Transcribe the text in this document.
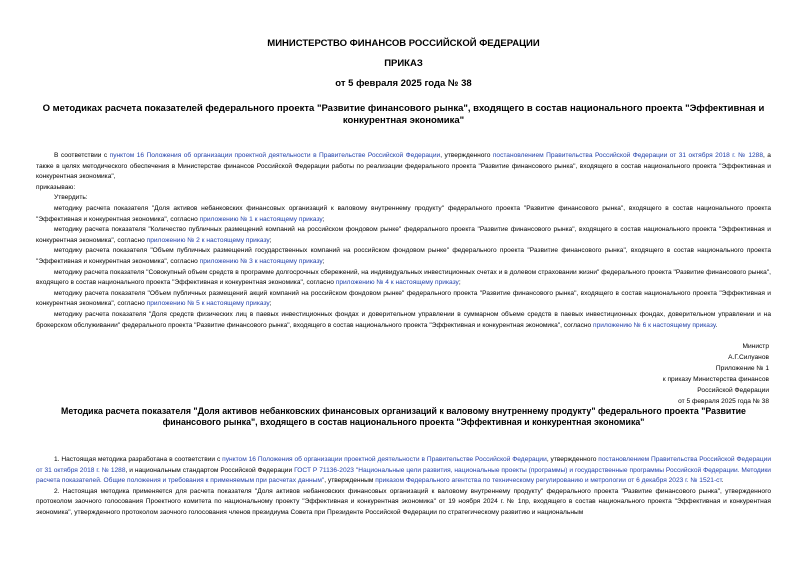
МИНИСТЕРСТВО ФИНАНСОВ РОССИЙСКОЙ ФЕДЕРАЦИИ
ПРИКАЗ
от 5 февраля 2025 года № 38
О методиках расчета показателей федерального проекта "Развитие финансового рынка", входящего в состав национального проекта "Эффективная и конкурентная экономика"

В соответствии с пунктом 16 Положения об организации проектной деятельности в Правительстве Российской Федерации, утвержденного постановлением Правительства Российской Федерации от 31 октября 2018 г. № 1288, а также в целях методического обеспечения в Министерстве финансов Российской Федерации работы по реализации федерального проекта "Развитие финансового рынка", входящего в состав национального проекта "Эффективная и конкурентная экономика",

приказываю:

Утвердить:

методику расчета показателя "Доля активов небанковских финансовых организаций к валовому внутреннему продукту" федерального проекта "Развитие финансового рынка", входящего в состав национального проекта "Эффективная и конкурентная экономика", согласно приложению № 1 к настоящему приказу;

методику расчета показателя "Количество публичных размещений компаний на российском фондовом рынке" федерального проекта "Развитие финансового рынка", входящего в состав национального проекта "Эффективная и конкурентная экономика", согласно приложению № 2 к настоящему приказу;

методику расчета показателя "Объем публичных размещений государственных компаний на российском фондовом рынке" федерального проекта "Развитие финансового рынка", входящего в состав национального проекта "Эффективная и конкурентная экономика", согласно приложению № 3 к настоящему приказу;

методику расчета показателя "Совокупный объем средств в программе долгосрочных сбережений, на индивидуальных инвестиционных счетах и в долевом страховании жизни" федерального проекта "Развитие финансового рынка", входящего в состав национального проекта "Эффективная и конкурентная экономика", согласно приложению № 4 к настоящему приказу;

методику расчета показателя "Объем публичных размещений акций компаний на российском фондовом рынке" федерального проекта "Развитие финансового рынка", входящего в состав национального проекта "Эффективная и конкурентная экономика", согласно приложению № 5 к настоящему приказу;

методику расчета показателя "Доля средств физических лиц в паевых инвестиционных фондах и доверительном управлении в суммарном объеме средств в паевых инвестиционных фондах, доверительном управлении и на брокерском обслуживании" федерального проекта "Развитие финансового рынка", входящего в состав национального проекта "Эффективная и конкурентная экономика", согласно приложению № 6 к настоящему приказу.

Министр
А.Г.Силуанов
Приложение № 1
к приказу Министерства финансов
Российской Федерации
от 5 февраля 2025 года № 38
Методика расчета показателя "Доля активов небанковских финансовых организаций к валовому внутреннему продукту" федерального проекта "Развитие финансового рынка", входящего в состав национального проекта "Эффективная и конкурентная экономика"

1. Настоящая методика разработана в соответствии с пунктом 16 Положения об организации проектной деятельности в Правительстве Российской Федерации, утвержденного постановлением Правительства Российской Федерации от 31 октября 2018 г. № 1288, и национальным стандартом Российской Федерации ГОСТ Р 71136-2023 "Национальные цели развития, национальные проекты (программы) и государственные программы Российской Федерации. Методики расчета показателей. Общие положения и требования к применяемым при расчетах данным", утвержденным приказом Федерального агентства по техническому регулированию и метрологии от 6 декабря 2023 г. № 1521-ст.

2. Настоящая методика применяется для расчета показателя "Доля активов небанковских финансовых организаций к валовому внутреннему продукту" федерального проекта "Развитие финансового рынка", утвержденного протоколом заочного голосования Проектного комитета по национальному проекту "Эффективная и конкурентная экономика" от 19 ноября 2024 г. № 1пр, входящего в состав национального проекта "Эффективная и конкурентная экономика", утвержденного протоколом заочного голосования членов президиума Совета при Президенте Российской Федерации по стратегическому развитию и национальным
